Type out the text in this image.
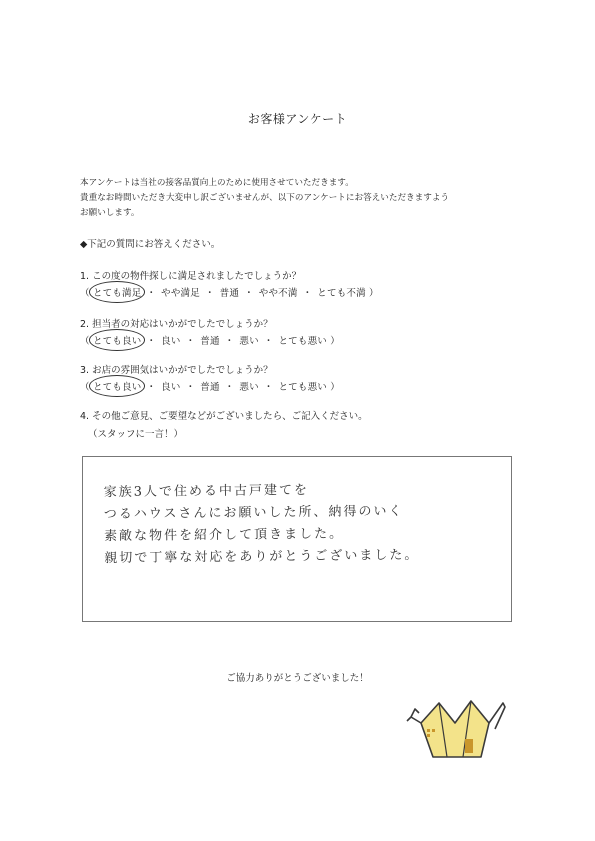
お客様アンケート
本アンケートは当社の接客品質向上のために使用させていただきます。
貴重なお時間いただき大変申し訳ございませんが、以下のアンケートにお答えいただきますよう
お願いします。
◆下記の質問にお答えください。
1. この度の物件探しに満足されましたでしょうか？
（ とても満足 ・ やや満足 ・ 普通 ・ やや不満 ・ とても不満 ）
2. 担当者の対応はいかがでしたでしょうか？
（ とても良い ・ 良い ・ 普通 ・ 悪い ・ とても悪い ）
3. お店の雰囲気はいかがでしたでしょうか？
（ とても良い ・ 良い ・ 普通 ・ 悪い ・ とても悪い ）
4. その他ご意見、ご要望などがございましたら、ご記入ください。
（スタッフに一言！）
家族3人で住める中古戸建てを
つるハウスさんにお願いした所、納得のいく
素敵な物件を紹介して頂きました。
親切で丁寧な対応をありがとうございました。
ご協力ありがとうございました！
